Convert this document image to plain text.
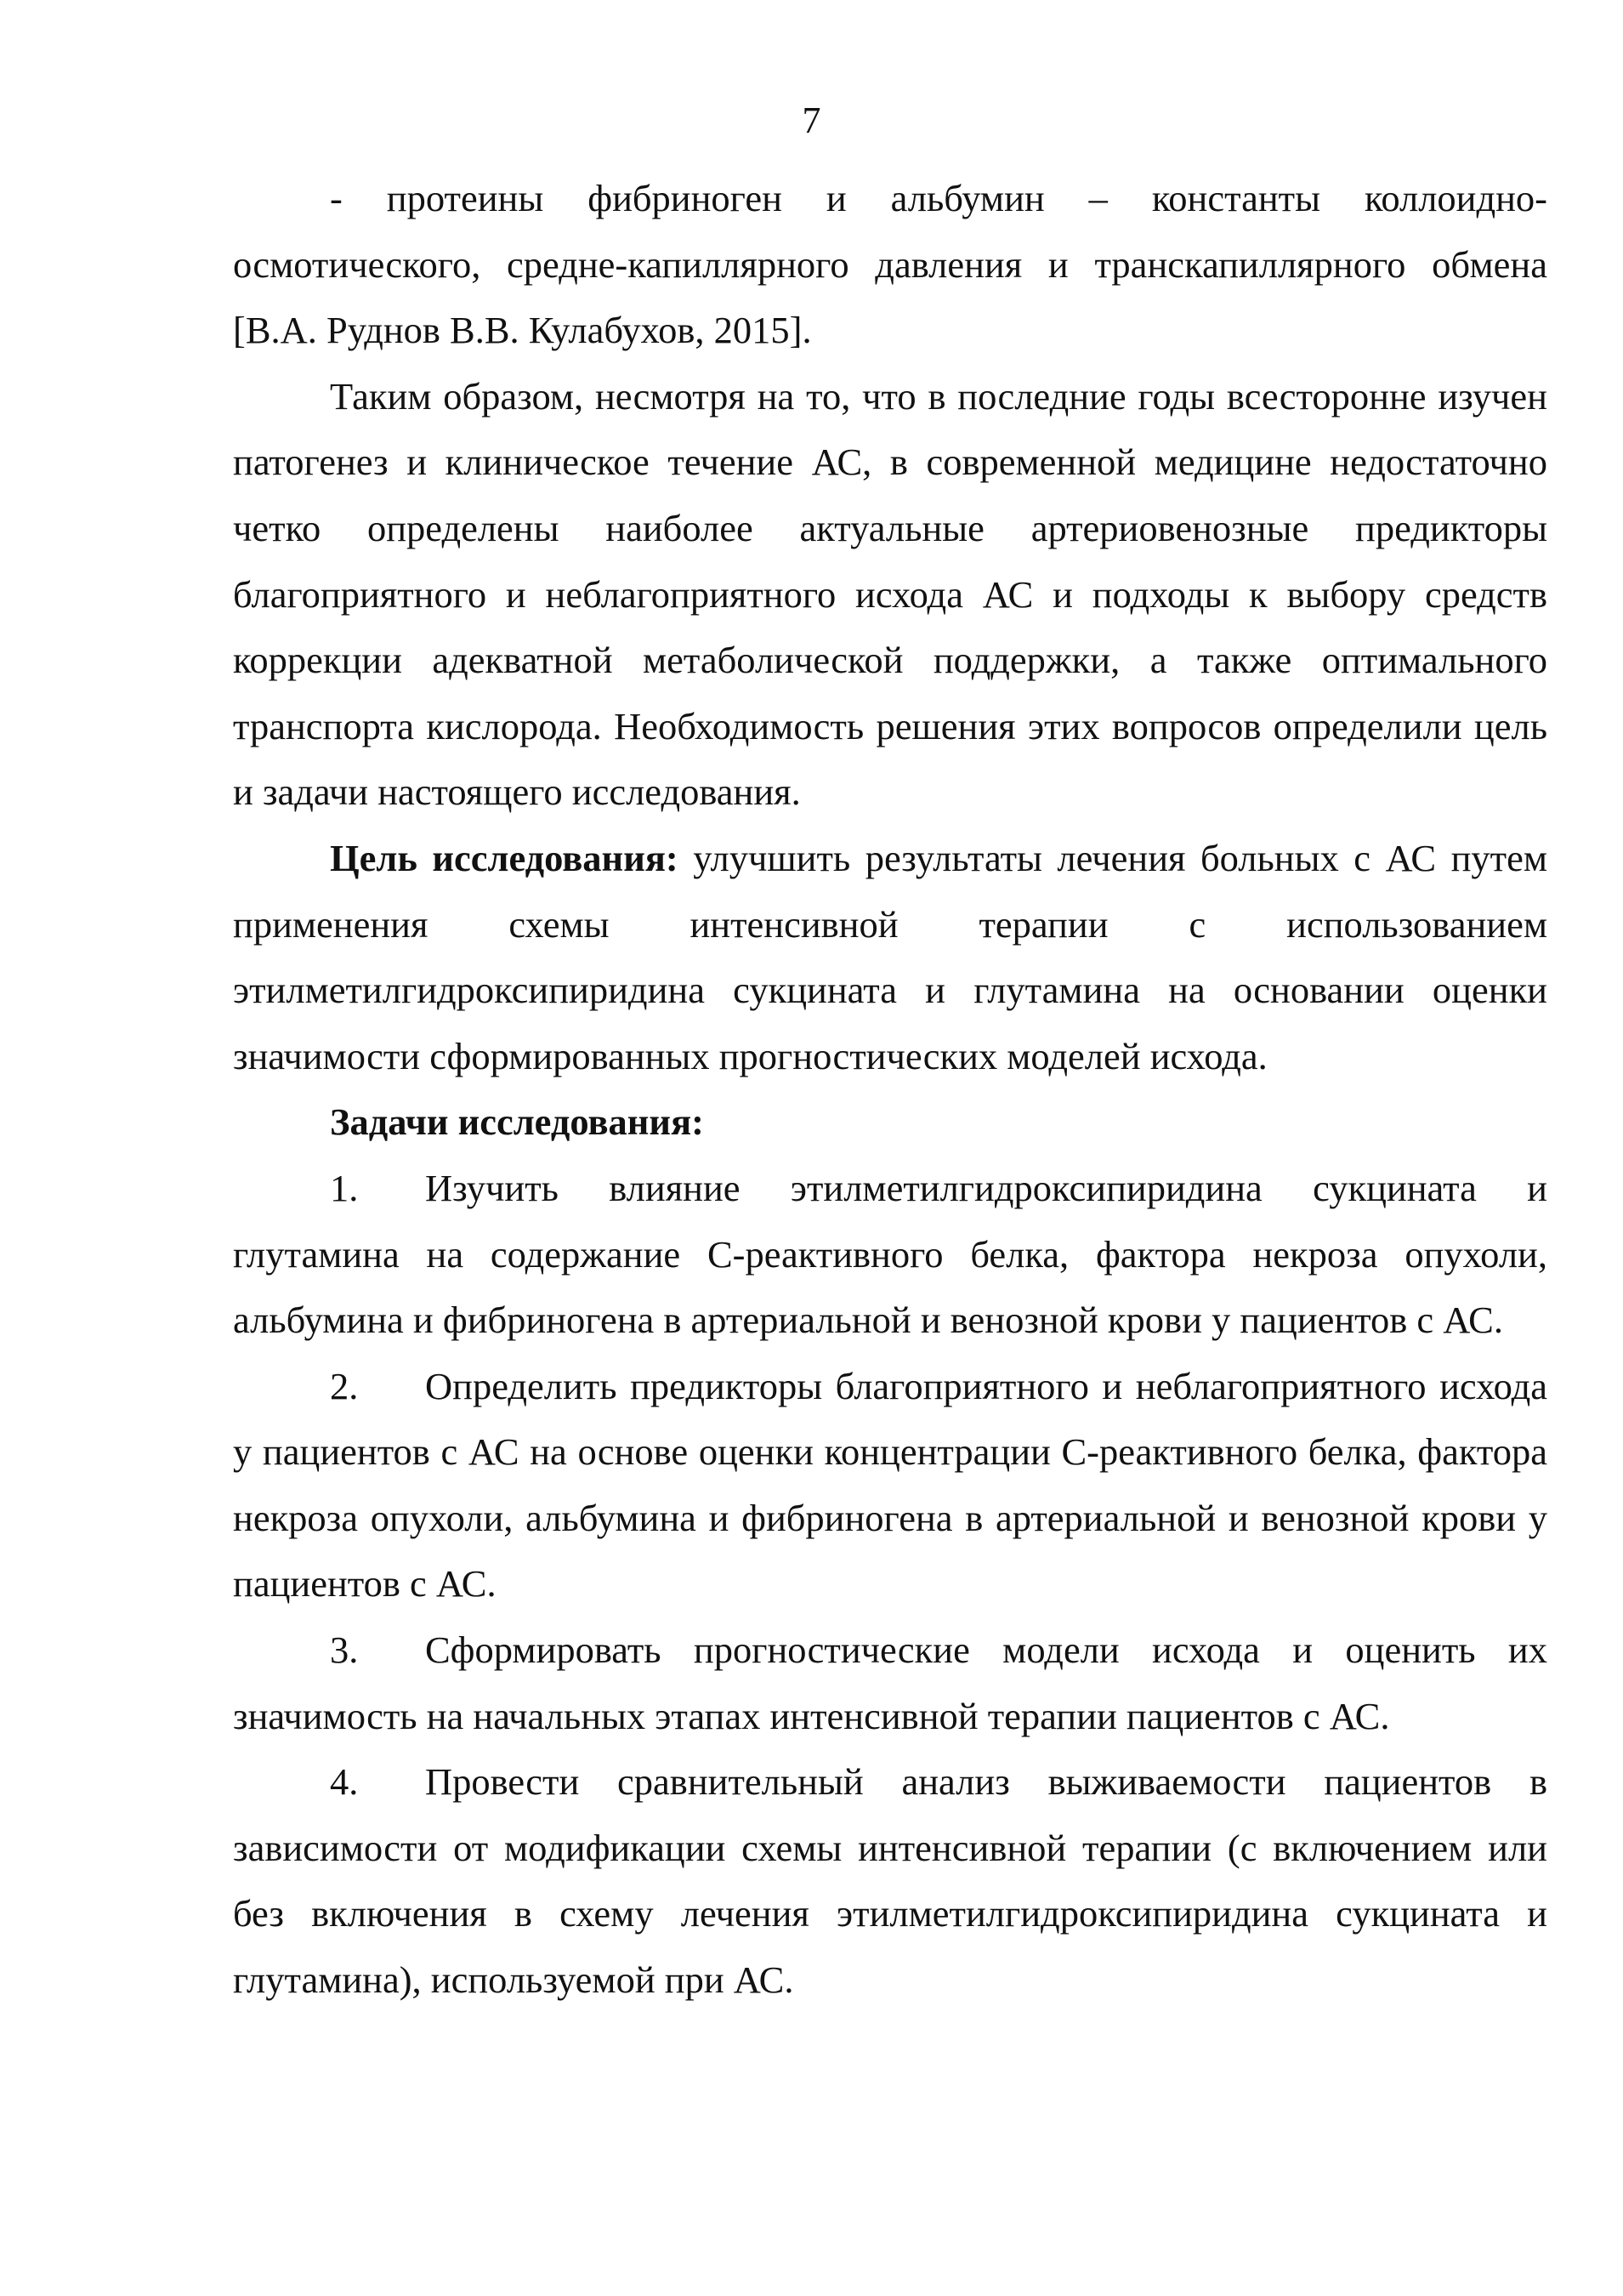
7

- протеины фибриноген и альбумин – константы коллоидно-осмотического, средне-капиллярного давления и транскапиллярного обмена [В.А. Руднов В.В. Кулабухов, 2015].

Таким образом, несмотря на то, что в последние годы всесторонне изучен патогенез и клиническое течение АС, в современной медицине недостаточно четко определены наиболее актуальные артериовенозные предикторы благоприятного и неблагоприятного исхода АС и подходы к выбору средств коррекции адекватной метаболической поддержки, а также оптимального транспорта кислорода. Необходимость решения этих вопросов определили цель и задачи настоящего исследования.

Цель исследования: улучшить результаты лечения больных с АС путем применения схемы интенсивной терапии с использованием этилметилгидроксипиридина сукцината и глутамина на основании оценки значимости сформированных прогностических моделей исхода.

Задачи исследования:

1. Изучить влияние этилметилгидроксипиридина сукцината и глутамина на содержание С-реактивного белка, фактора некроза опухоли, альбумина и фибриногена в артериальной и венозной крови у пациентов с АС.

2. Определить предикторы благоприятного и неблагоприятного исхода у пациентов с АС на основе оценки концентрации С-реактивного белка, фактора некроза опухоли, альбумина и фибриногена в артериальной и венозной крови у пациентов с АС.

3. Сформировать прогностические модели исхода и оценить их значимость на начальных этапах интенсивной терапии пациентов с АС.

4. Провести сравнительный анализ выживаемости пациентов в зависимости от модификации схемы интенсивной терапии (с включением или без включения в схему лечения этилметилгидроксипиридина сукцината и глутамина), используемой при АС.
